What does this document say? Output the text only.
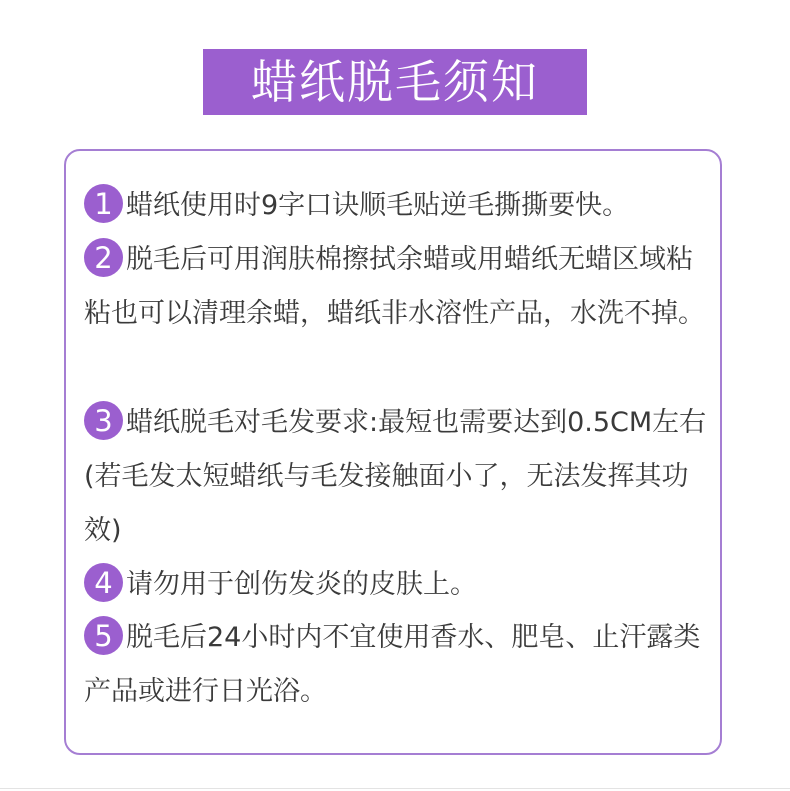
蜡纸脱毛须知
1 蜡纸使用时9字口诀顺毛贴逆毛撕撕要快。
2 脱毛后可用润肤棉擦拭余蜡或用蜡纸无蜡区域粘粘也可以清理余蜡，蜡纸非水溶性产品，水洗不掉。
3 蜡纸脱毛对毛发要求:最短也需要达到0.5CM左右(若毛发太短蜡纸与毛发接触面小了，无法发挥其功效)
4 请勿用于创伤发炎的皮肤上。
5 脱毛后24小时内不宜使用香水、肥皂、止汗露类产品或进行日光浴。
